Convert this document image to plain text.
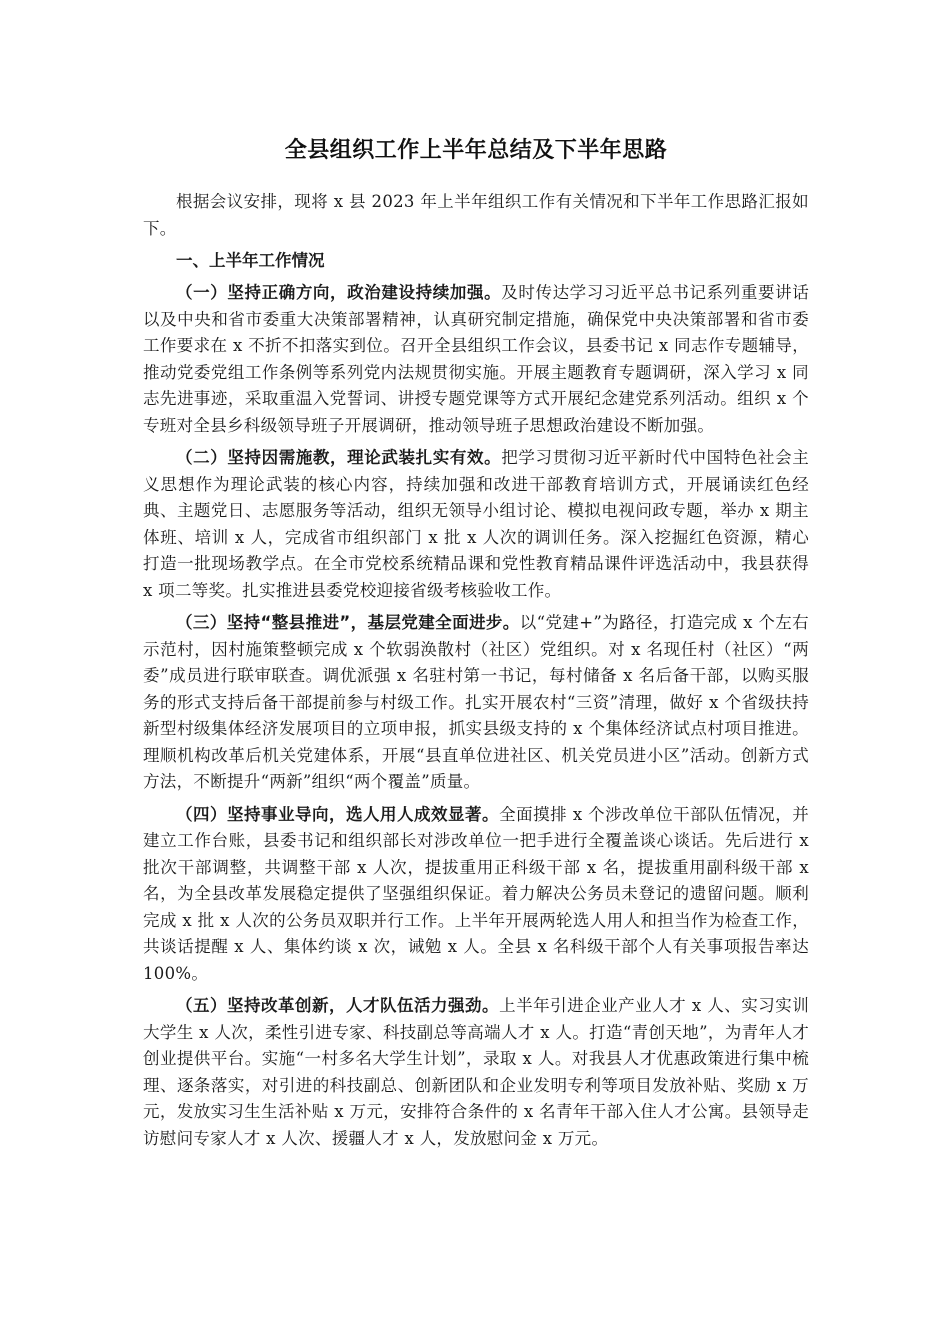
全县组织工作上半年总结及下半年思路

根据会议安排，现将 x 县 2023 年上半年组织工作有关情况和下半年工作思路汇报如下。

一、上半年工作情况

（一）坚持正确方向，政治建设持续加强。及时传达学习习近平总书记系列重要讲话以及中央和省市委重大决策部署精神，认真研究制定措施，确保党中央决策部署和省市委工作要求在 x 不折不扣落实到位。召开全县组织工作会议，县委书记 x 同志作专题辅导，推动党委党组工作条例等系列党内法规贯彻实施。开展主题教育专题调研，深入学习 x 同志先进事迹，采取重温入党誓词、讲授专题党课等方式开展纪念建党系列活动。组织 x 个专班对全县乡科级领导班子开展调研，推动领导班子思想政治建设不断加强。

（二）坚持因需施教，理论武装扎实有效。把学习贯彻习近平新时代中国特色社会主义思想作为理论武装的核心内容，持续加强和改进干部教育培训方式，开展诵读红色经典、主题党日、志愿服务等活动，组织无领导小组讨论、模拟电视问政专题，举办 x 期主体班、培训 x 人，完成省市组织部门 x 批 x 人次的调训任务。深入挖掘红色资源，精心打造一批现场教学点。在全市党校系统精品课和党性教育精品课件评选活动中，我县获得 x 项二等奖。扎实推进县委党校迎接省级考核验收工作。

（三）坚持“整县推进”，基层党建全面进步。以“党建+”为路径，打造完成 x 个左右示范村，因村施策整顿完成 x 个软弱涣散村（社区）党组织。对 x 名现任村（社区）“两委”成员进行联审联查。调优派强 x 名驻村第一书记，每村储备 x 名后备干部，以购买服务的形式支持后备干部提前参与村级工作。扎实开展农村“三资”清理，做好 x 个省级扶持新型村级集体经济发展项目的立项申报，抓实县级支持的 x 个集体经济试点村项目推进。理顺机构改革后机关党建体系，开展“县直单位进社区、机关党员进小区”活动。创新方式方法，不断提升“两新”组织“两个覆盖”质量。

（四）坚持事业导向，选人用人成效显著。全面摸排 x 个涉改单位干部队伍情况，并建立工作台账，县委书记和组织部长对涉改单位一把手进行全覆盖谈心谈话。先后进行 x 批次干部调整，共调整干部 x 人次，提拔重用正科级干部 x 名，提拔重用副科级干部 x 名，为全县改革发展稳定提供了坚强组织保证。着力解决公务员未登记的遗留问题。顺利完成 x 批 x 人次的公务员双职并行工作。上半年开展两轮选人用人和担当作为检查工作，共谈话提醒 x 人、集体约谈 x 次，诫勉 x 人。全县 x 名科级干部个人有关事项报告率达 100%。

（五）坚持改革创新，人才队伍活力强劲。上半年引进企业产业人才 x 人、实习实训大学生 x 人次，柔性引进专家、科技副总等高端人才 x 人。打造“青创天地”，为青年人才创业提供平台。实施“一村多名大学生计划”，录取 x 人。对我县人才优惠政策进行集中梳理、逐条落实，对引进的科技副总、创新团队和企业发明专利等项目发放补贴、奖励 x 万元，发放实习生生活补贴 x 万元，安排符合条件的 x 名青年干部入住人才公寓。县领导走访慰问专家人才 x 人次、援疆人才 x 人，发放慰问金 x 万元。
